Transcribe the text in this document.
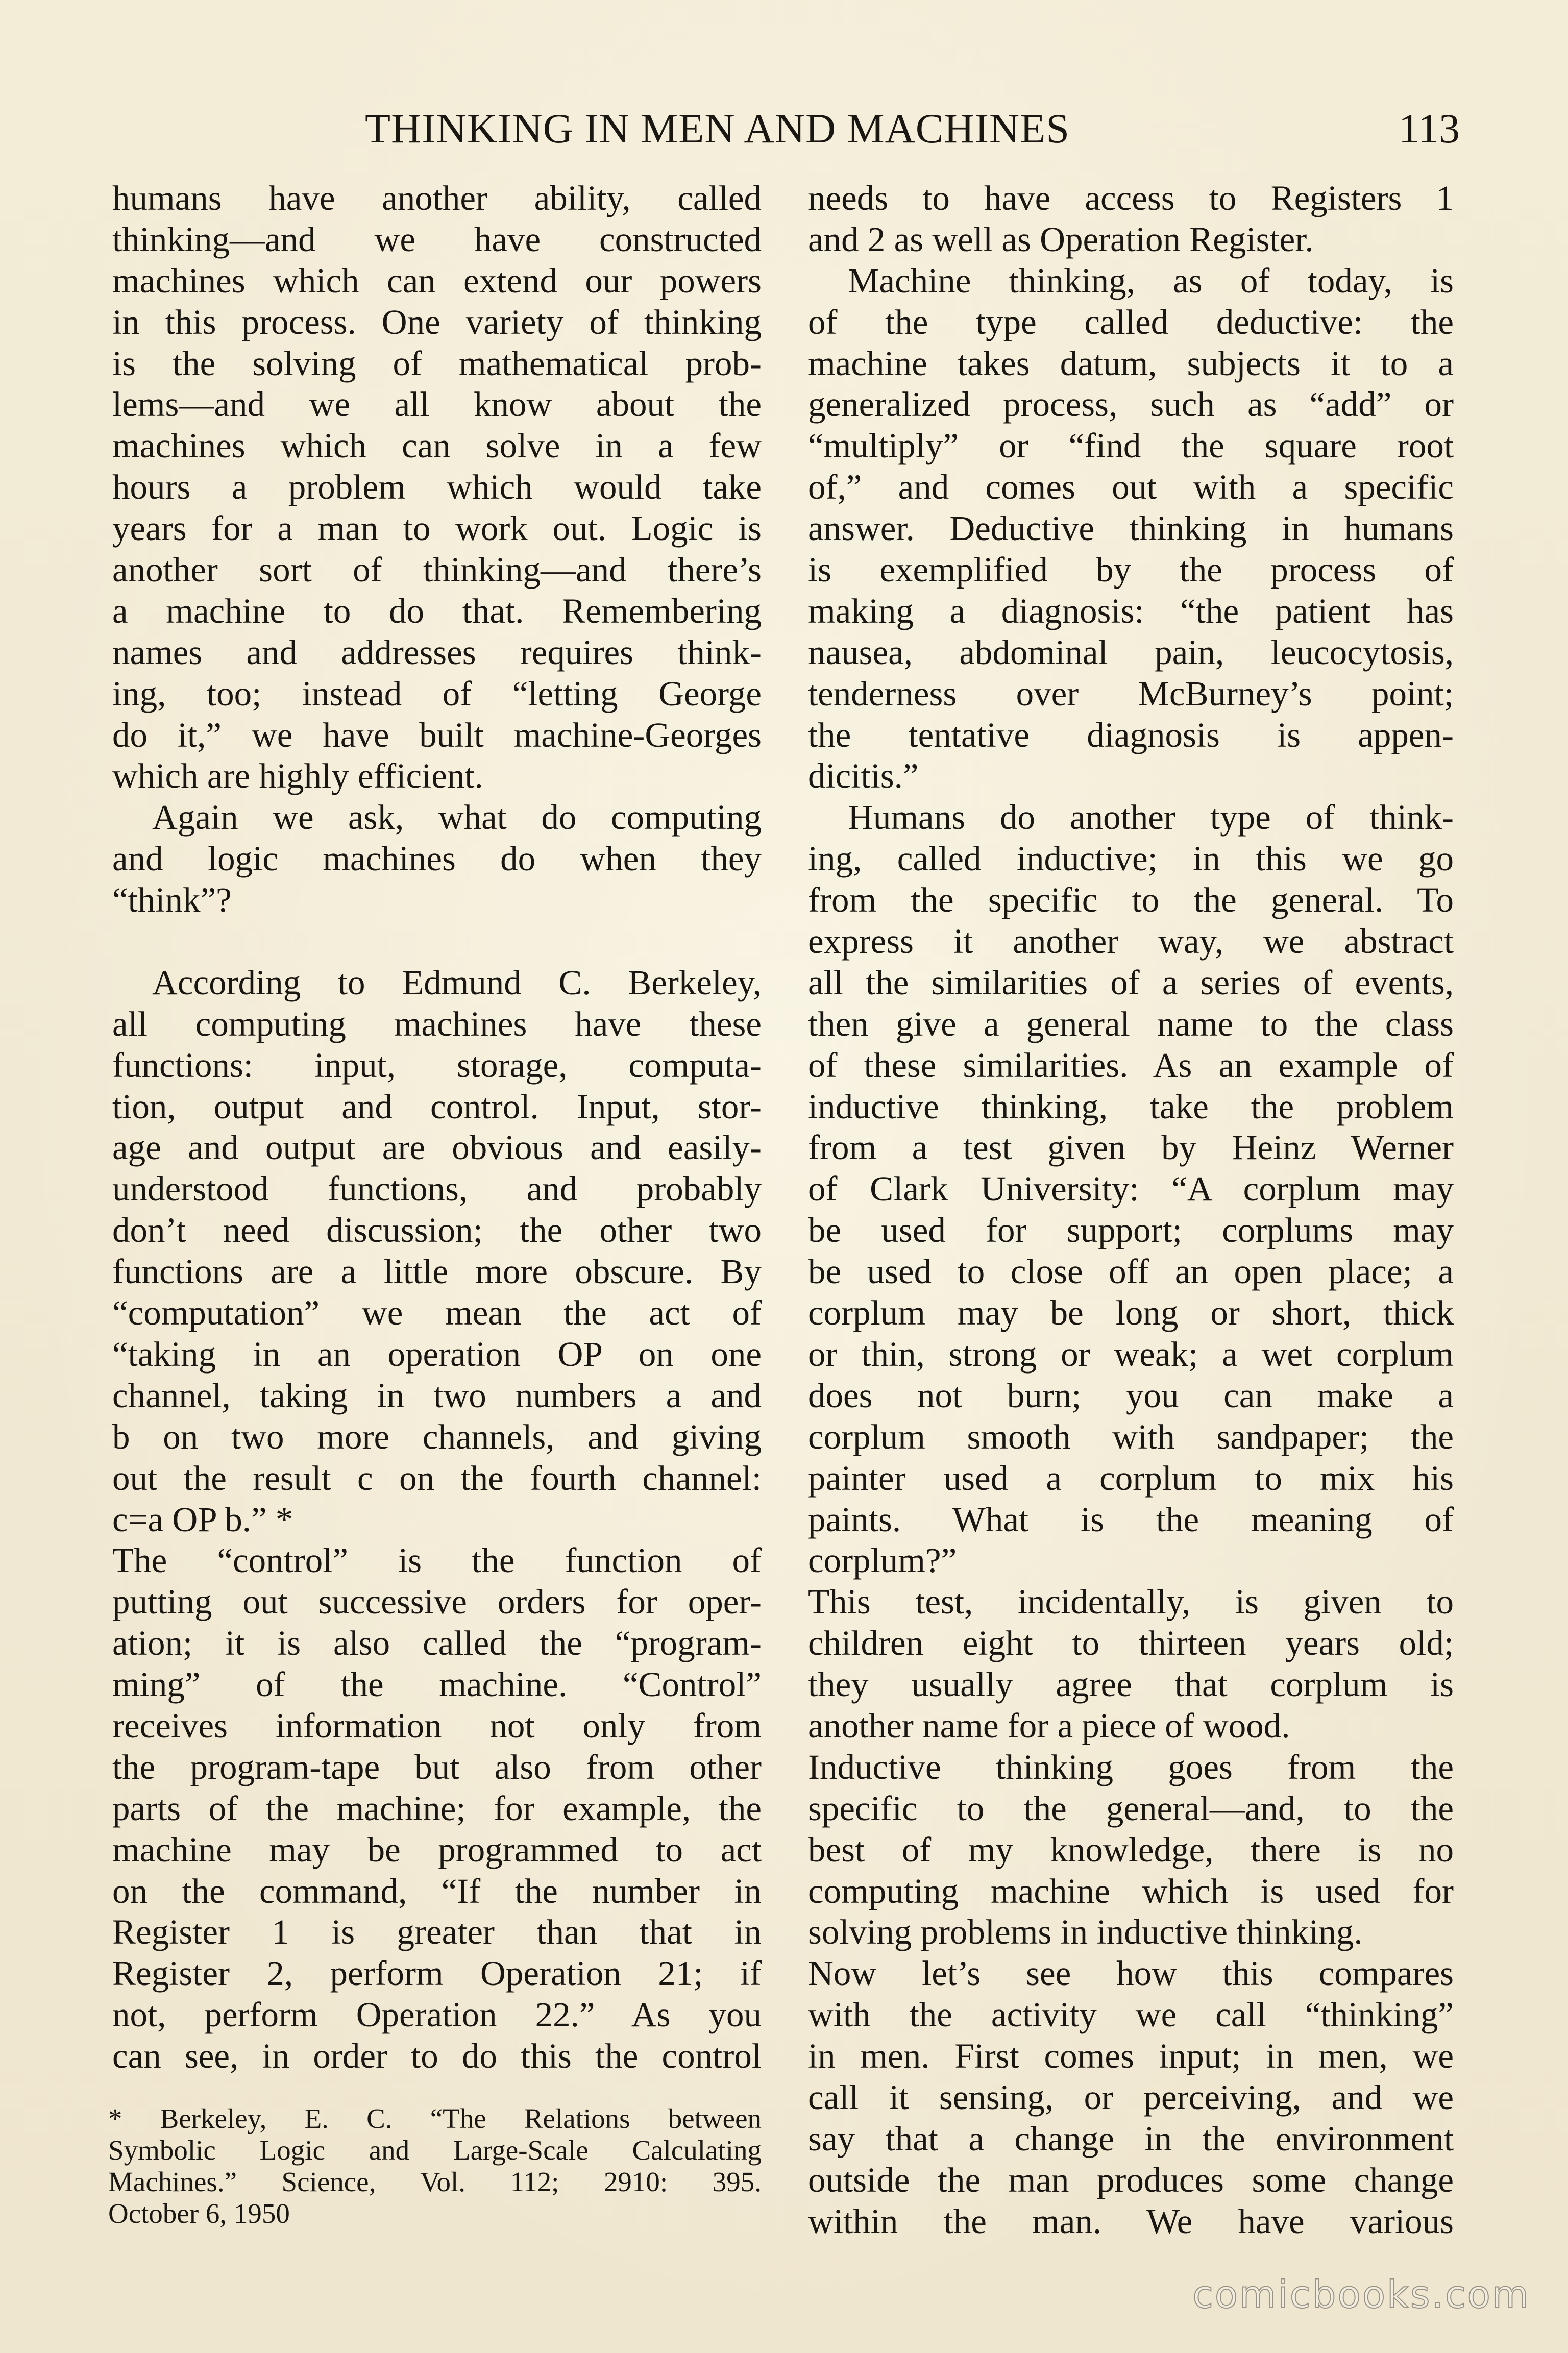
THINKING IN MEN AND MACHINES	113
humans have another ability, called
thinking—and we have constructed
machines which can extend our powers
in this process. One variety of thinking
is the solving of mathematical prob-
lems—and we all know about the
machines which can solve in a few
hours a problem which would take
years for a man to work out. Logic is
another sort of thinking—and there’s
a machine to do that. Remembering
names and addresses requires think-
ing, too; instead of “letting George
do it,” we have built machine-Georges
which are highly efficient.
Again we ask, what do computing
and logic machines do when they
“think”?
According to Edmund C. Berkeley,
all computing machines have these
functions: input, storage, computa-
tion, output and control. Input, stor-
age and output are obvious and easily-
understood functions, and probably
don’t need discussion; the other two
functions are a little more obscure. By
“computation” we mean the act of
“taking in an operation OP on one
channel, taking in two numbers a and
b on two more channels, and giving
out the result c on the fourth channel:
c=a OP b.” *
The “control” is the function of
putting out successive orders for oper-
ation; it is also called the “program-
ming” of the machine. “Control”
receives information not only from
the program-tape but also from other
parts of the machine; for example, the
machine may be programmed to act
on the command, “If the number in
Register 1 is greater than that in
Register 2, perform Operation 21; if
not, perform Operation 22.” As you
can see, in order to do this the control
* Berkeley, E. C. “The Relations between
Symbolic Logic and Large-Scale Calculating
Machines.” Science, Vol. 112; 2910: 395.
October 6, 1950
needs to have access to Registers 1
and 2 as well as Operation Register.
Machine thinking, as of today, is
of the type called deductive: the
machine takes datum, subjects it to a
generalized process, such as “add” or
“multiply” or “find the square root
of,” and comes out with a specific
answer. Deductive thinking in humans
is exemplified by the process of
making a diagnosis: “the patient has
nausea, abdominal pain, leucocytosis,
tenderness over McBurney’s point;
the tentative diagnosis is appen-
dicitis.”
Humans do another type of think-
ing, called inductive; in this we go
from the specific to the general. To
express it another way, we abstract
all the similarities of a series of events,
then give a general name to the class
of these similarities. As an example of
inductive thinking, take the problem
from a test given by Heinz Werner
of Clark University: “A corplum may
be used for support; corplums may
be used to close off an open place; a
corplum may be long or short, thick
or thin, strong or weak; a wet corplum
does not burn; you can make a
corplum smooth with sandpaper; the
painter used a corplum to mix his
paints. What is the meaning of
corplum?”
This test, incidentally, is given to
children eight to thirteen years old;
they usually agree that corplum is
another name for a piece of wood.
Inductive thinking goes from the
specific to the general—and, to the
best of my knowledge, there is no
computing machine which is used for
solving problems in inductive thinking.
Now let’s see how this compares
with the activity we call “thinking”
in men. First comes input; in men, we
call it sensing, or perceiving, and we
say that a change in the environment
outside the man produces some change
within the man. We have various
comicbooks.com
